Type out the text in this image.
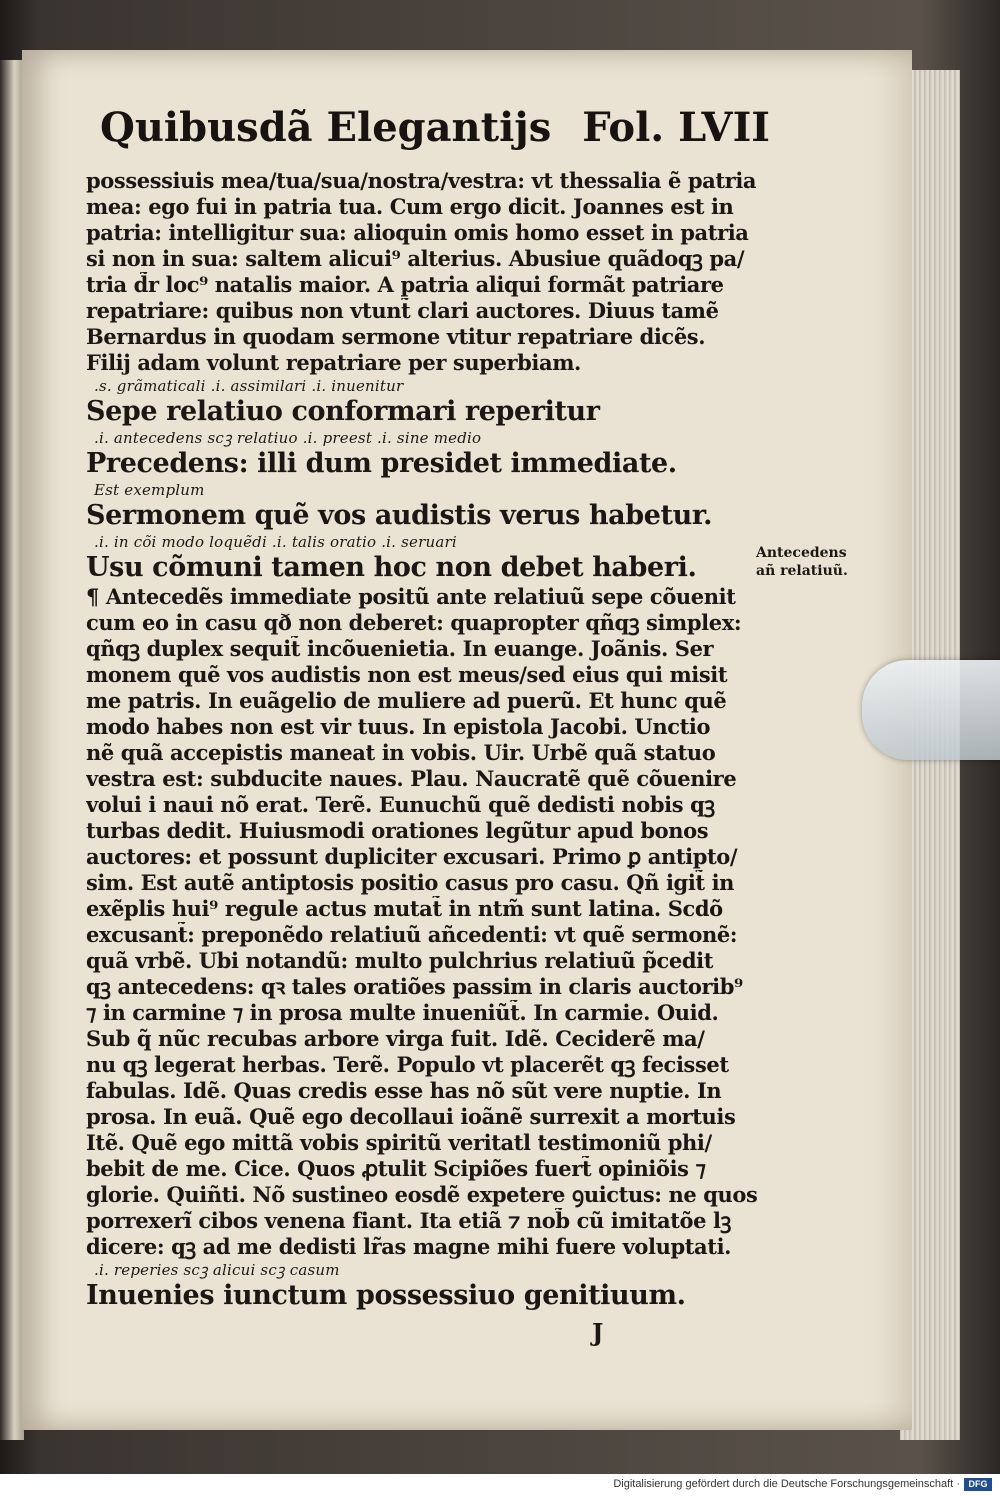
Quibusdã Elegantijs Fol. LVII
possessiuis mea/tua/sua/nostra/vestra: vt thessalia ẽ patria
mea: ego fui in patria tua. Cum ergo dicit. Joannes est in
patria: intelligitur sua: alioquin omis homo esset in patria
si non in sua: saltem alicui⁹ alterius. Abusiue quãdoqꝫ pa/
tria d̃r loc⁹ natalis maior. A patria aliqui formãt patriare
repatriare: quibus non vtunt̃ clari auctores. Diuus tamẽ
Bernardus in quodam sermone vtitur repatriare dicẽs.
Filij adam volunt repatriare per superbiam.
.s. grãmaticali .i. assimilari .i. inuenitur
Sepe relatiuo conformari reperitur
.i. antecedens scꝫ relatiuo .i. preest .i. sine medio
Precedens: illi dum presidet immediate.
Est exemplum
Sermonem quẽ vos audistis verus habetur.
.i. in cõi modo loquẽdi .i. talis oratio .i. seruari
Usu cõmuni tamen hoc non debet haberi.
¶ Antecedẽs immediate positũ ante relatiuũ sepe cõuenit
cum eo in casu qð non deberet: quapropter qñqꝫ simplex:
qñqꝫ duplex sequit̃ incõuenietia. In euange. Joãnis. Ser
monem quẽ vos audistis non est meus/sed eius qui misit
me patris. In euãgelio de muliere ad puerũ. Et hunc quẽ
modo habes non est vir tuus. In epistola Jacobi. Unctio
nẽ quã accepistis maneat in vobis. Uir. Urbẽ quã statuo
vestra est: subducite naues. Plau. Naucratẽ quẽ cõuenire
volui i naui nõ erat. Terẽ. Eunuchũ quẽ dedisti nobis qꝫ
turbas dedit. Huiusmodi orationes legũtur apud bonos
auctores: et possunt dupliciter excusari. Primo ꝑ antipto/
sim. Est autẽ antiptosis positio casus pro casu. Qñ igit̃ in
exẽplis hui⁹ regule actus mutat̃ in ntm̃ sunt latina. Scdõ
excusant̃: preponẽdo relatiuũ añcedenti: vt quẽ sermonẽ:
quã vrbẽ. Ubi notandũ: multo pulchrius relatiuũ p̃cedit
qꝫ antecedens: qꝛ tales oratiões passim in claris auctorib⁹
⁊ in carmine ⁊ in prosa multe inueniũt̃. In carmie. Ouid.
Sub q̃ nũc recubas arbore virga fuit. Idẽ. Ceciderẽ ma/
nu qꝫ legerat herbas. Terẽ. Populo vt placerẽt qꝫ fecisset
fabulas. Idẽ. Quas credis esse has nõ sũt vere nuptie. In
prosa. In euã. Quẽ ego decollaui ioãnẽ surrexit a mortuis
Itẽ. Quẽ ego mittã vobis spiritũ veritatl testimoniũ phi/
bebit de me. Cice. Quos ꝓtulit Scipiões fuert̃ opiniõis ⁊
glorie. Quiñti. Nõ sustineo eosdẽ expetere ꝯuictus: ne quos
porrexerĩ cibos venena fiant. Ita etiã ⁊ nob̃ cũ imitatõe lꝫ
dicere: qꝫ ad me dedisti lr̃as magne mihi fuere voluptati.
.i. reperies scꝫ alicui scꝫ casum
Inuenies iunctum possessiuo genitiuum.
Antecedens
añ relatiuũ.
J
Digitalisierung gefördert durch die Deutsche Forschungsgemeinschaft · DFG
